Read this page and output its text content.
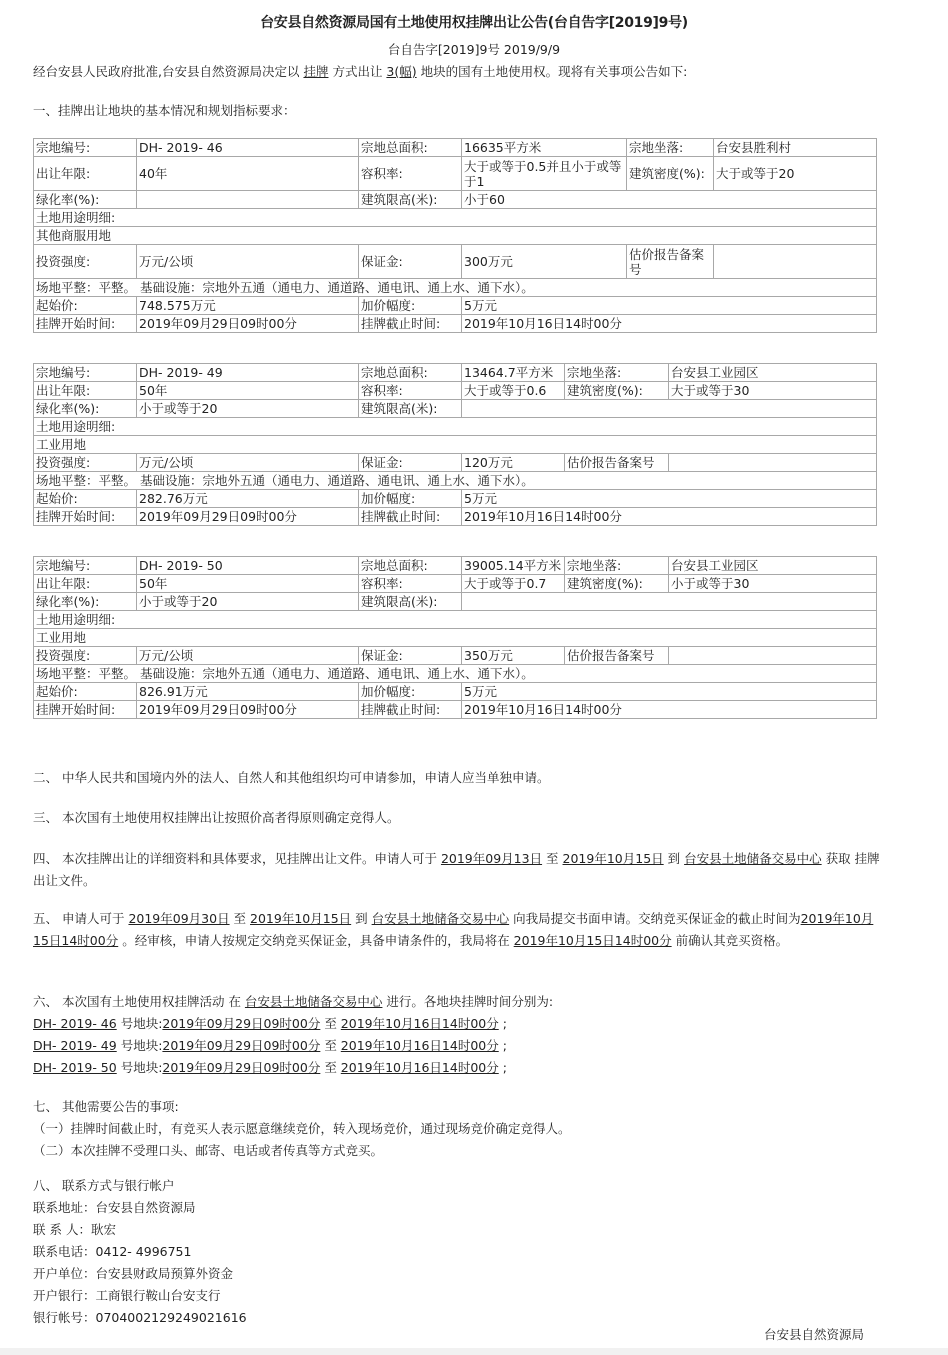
台安县自然资源局国有土地使用权挂牌出让公告(台自告字[2019]9号)
台自告字[2019]9号 2019/9/9
经台安县人民政府批准,台安县自然资源局决定以 挂牌 方式出让 3(幅) 地块的国有土地使用权。现将有关事项公告如下:
一、挂牌出让地块的基本情况和规划指标要求：
宗地编号:	DH- 2019- 46	宗地总面积:	16635平方米	宗地坐落:	台安县胜利村
出让年限:	40年	容积率:	大于或等于0.5并且小于或等于1	建筑密度(%):	大于或等于20
绿化率(%):		建筑限高(米):	小于60		
土地用途明细:					
其他商服用地					
投资强度:	万元/公顷	保证金:	300万元	估价报告备案号	
场地平整：平整。 基础设施：宗地外五通（通电力、通道路、通电讯、通上水、通下水）。					
起始价:	748.575万元	加价幅度:	5万元		
挂牌开始时间:	2019年09月29日09时00分	挂牌截止时间:	2019年10月16日14时00分		
宗地编号:	DH- 2019- 49	宗地总面积:	13464.7平方米	宗地坐落:	台安县工业园区
出让年限:	50年	容积率:	大于或等于0.6	建筑密度(%):	大于或等于30
绿化率(%):	小于或等于20	建筑限高(米):			
土地用途明细:					
工业用地					
投资强度:	万元/公顷	保证金:	120万元	估价报告备案号	
场地平整：平整。 基础设施：宗地外五通（通电力、通道路、通电讯、通上水、通下水）。					
起始价:	282.76万元	加价幅度:	5万元		
挂牌开始时间:	2019年09月29日09时00分	挂牌截止时间:	2019年10月16日14时00分		
宗地编号:	DH- 2019- 50	宗地总面积:	39005.14平方米	宗地坐落:	台安县工业园区
出让年限:	50年	容积率:	大于或等于0.7	建筑密度(%):	小于或等于30
绿化率(%):	小于或等于20	建筑限高(米):			
土地用途明细:					
工业用地					
投资强度:	万元/公顷	保证金:	350万元	估价报告备案号	
场地平整：平整。 基础设施：宗地外五通（通电力、通道路、通电讯、通上水、通下水）。					
起始价:	826.91万元	加价幅度:	5万元		
挂牌开始时间:	2019年09月29日09时00分	挂牌截止时间:	2019年10月16日14时00分		
二、 中华人民共和国境内外的法人、自然人和其他组织均可申请参加，申请人应当单独申请。
三、 本次国有土地使用权挂牌出让按照价高者得原则确定竞得人。
四、 本次挂牌出让的详细资料和具体要求，见挂牌出让文件。申请人可于 2019年09月13日 至 2019年10月15日 到 台安县土地储备交易中心 获取 挂牌 出让文件。
五、 申请人可于 2019年09月30日 至 2019年10月15日 到 台安县土地储备交易中心 向我局提交书面申请。交纳竞买保证金的截止时间为2019年10月15日14时00分 。经审核，申请人按规定交纳竞买保证金，具备申请条件的，我局将在 2019年10月15日14时00分 前确认其竞买资格。
六、 本次国有土地使用权挂牌活动 在 台安县土地储备交易中心 进行。各地块挂牌时间分别为:
DH- 2019- 46 号地块:2019年09月29日09时00分 至 2019年10月16日14时00分 ;
DH- 2019- 49 号地块:2019年09月29日09时00分 至 2019年10月16日14时00分 ;
DH- 2019- 50 号地块:2019年09月29日09时00分 至 2019年10月16日14时00分 ;
七、 其他需要公告的事项:
（一）挂牌时间截止时，有竞买人表示愿意继续竞价，转入现场竞价，通过现场竞价确定竞得人。
（二）本次挂牌不受理口头、邮寄、电话或者传真等方式竞买。
八、 联系方式与银行帐户
联系地址：台安县自然资源局
联 系 人：耿宏
联系电话：0412- 4996751
开户单位：台安县财政局预算外资金
开户银行：工商银行鞍山台安支行
银行帐号：0704002129249021616
台安县自然资源局
